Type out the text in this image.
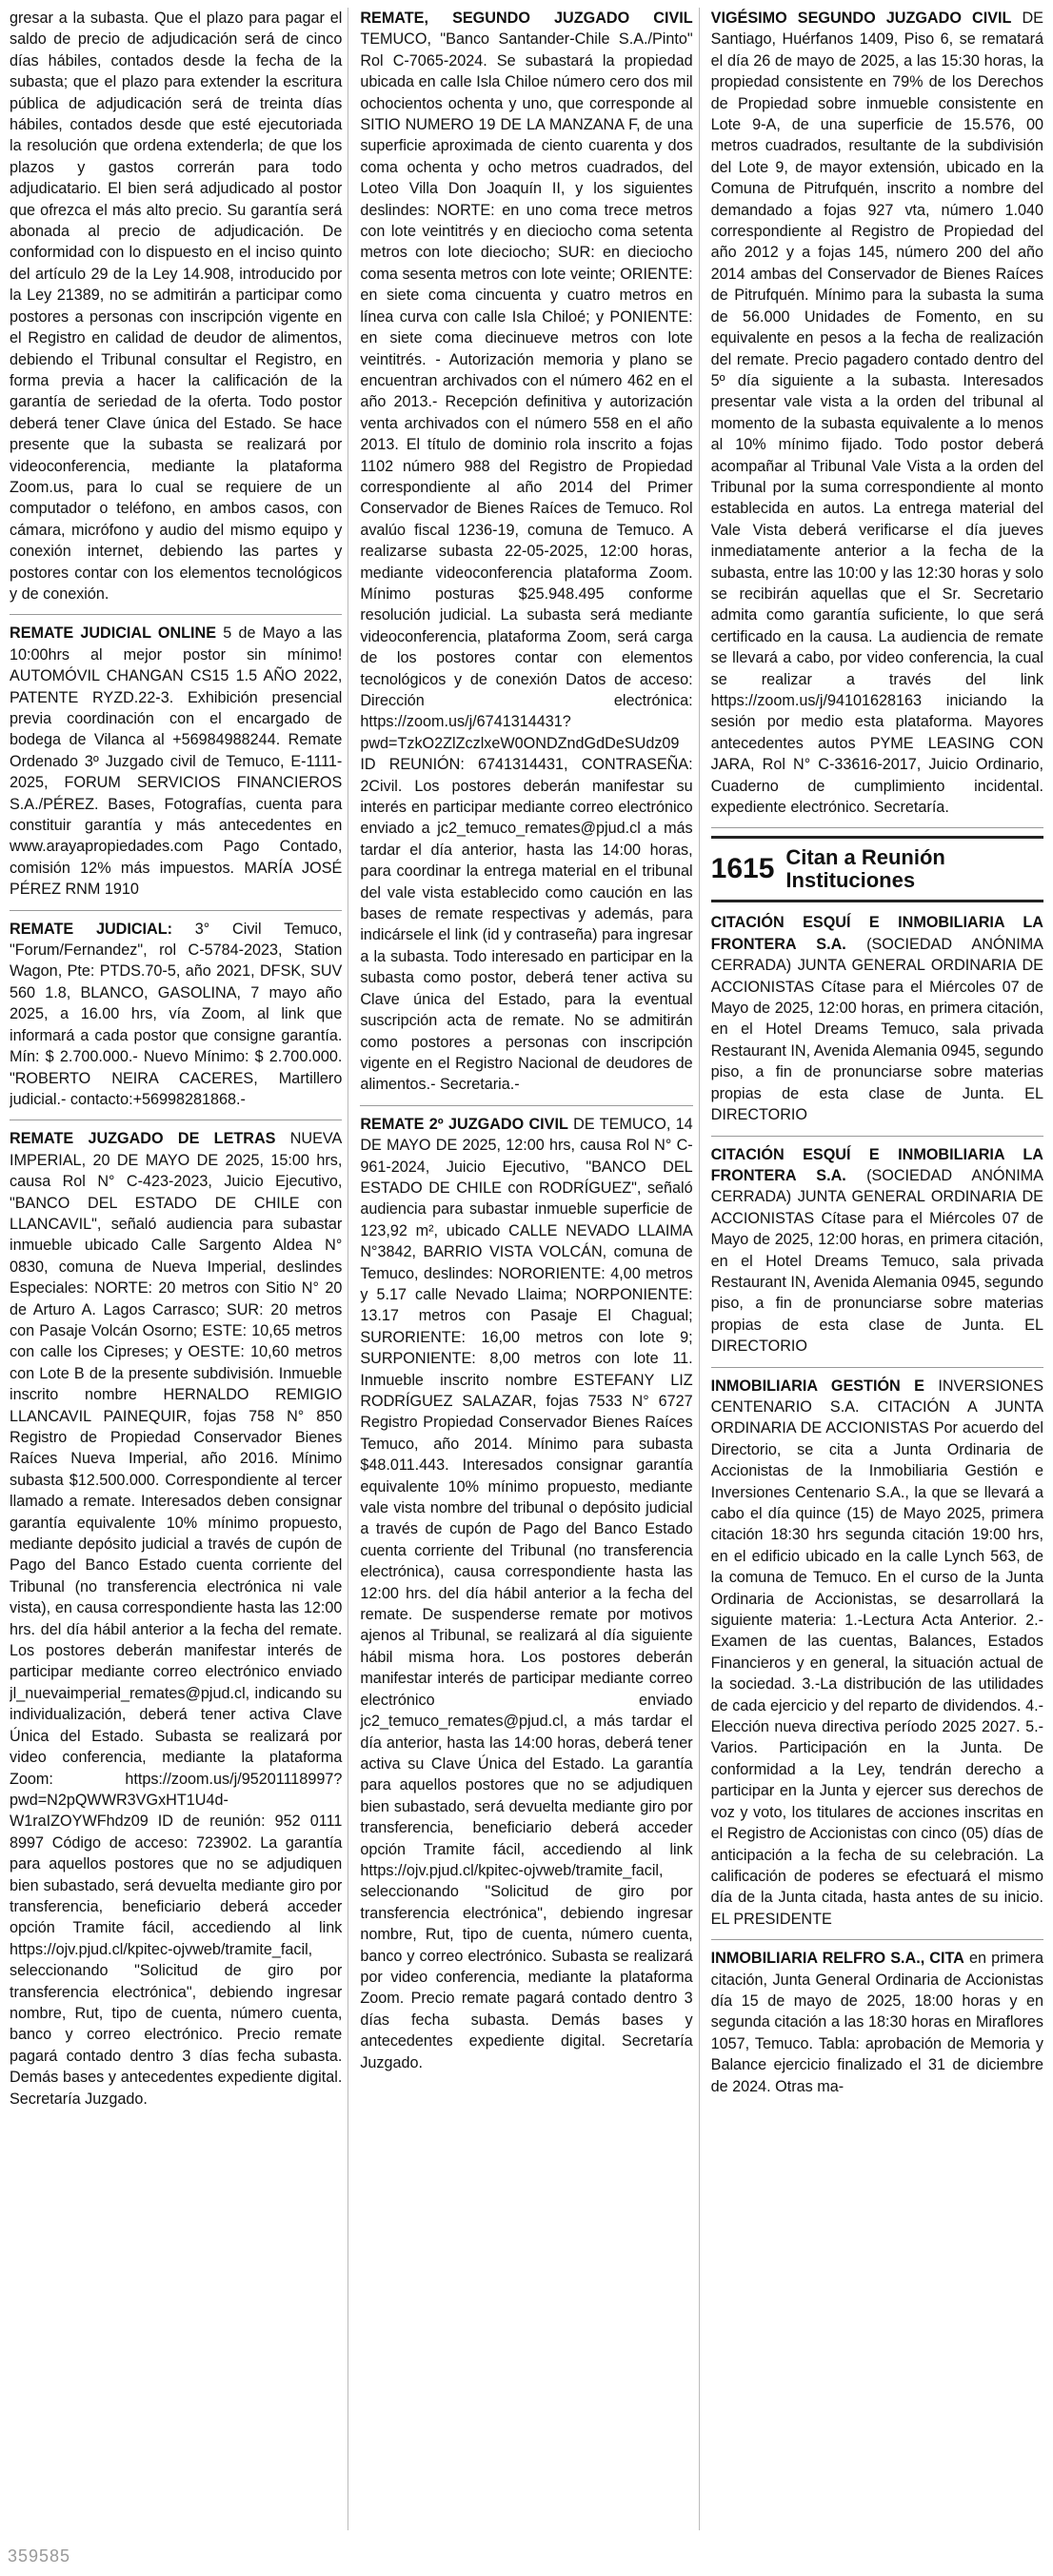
gresar a la subasta. Que el plazo para pagar el saldo de precio de adjudicación será de cinco días hábiles, contados desde la fecha de la subasta; que el plazo para extender la escritura pública de adjudicación será de treinta días hábiles, contados desde que esté ejecutoriada la resolución que ordena extenderla; de que los plazos y gastos correrán para todo adjudicatario. El bien será adjudicado al postor que ofrezca el más alto precio. Su garantía será abonada al precio de adjudicación. De conformidad con lo dispuesto en el inciso quinto del artículo 29 de la Ley 14.908, introducido por la Ley 21389, no se admitirán a participar como postores a personas con inscripción vigente en el Registro en calidad de deudor de alimentos, debiendo el Tribunal consultar el Registro, en forma previa a hacer la calificación de la garantía de seriedad de la oferta. Todo postor deberá tener Clave única del Estado. Se hace presente que la subasta se realizará por videoconferencia, mediante la plataforma Zoom.us, para lo cual se requiere de un computador o teléfono, en ambos casos, con cámara, micrófono y audio del mismo equipo y conexión internet, debiendo las partes y postores contar con los elementos tecnológicos y de conexión.

REMATE JUDICIAL ONLINE 5 de Mayo a las 10:00hrs al mejor postor sin mínimo! AUTOMÓVIL CHANGAN CS15 1.5 AÑO 2022, PATENTE RYZD.22-3. Exhibición presencial previa coordinación con el encargado de bodega de Vilanca al +56984988244. Remate Ordenado 3º Juzgado civil de Temuco, E-1111-2025, FORUM SERVICIOS FINANCIEROS S.A./PÉREZ. Bases, Fotografías, cuenta para constituir garantía y más antecedentes en www.arayapropiedades.com Pago Contado, comisión 12% más impuestos. MARÍA JOSÉ PÉREZ RNM 1910

REMATE JUDICIAL: 3° Civil Temuco, "Forum/Fernandez", rol C-5784-2023, Station Wagon, Pte: PTDS.70-5, año 2021, DFSK, SUV 560 1.8, BLANCO, GASOLINA, 7 mayo año 2025, a 16.00 hrs, vía Zoom, al link que informará a cada postor que consigne garantía. Mín: $ 2.700.000.- Nuevo Mínimo: $ 2.700.000. "ROBERTO NEIRA CACERES, Martillero judicial.- contacto:+56998281868.-

REMATE JUZGADO DE LETRAS NUEVA IMPERIAL, 20 DE MAYO DE 2025, 15:00 hrs, causa Rol N° C-423-2023, Juicio Ejecutivo, "BANCO DEL ESTADO DE CHILE con LLANCAVIL", señaló audiencia para subastar inmueble ubicado Calle Sargento Aldea N° 0830, comuna de Nueva Imperial, deslindes Especiales: NORTE: 20 metros con Sitio N° 20 de Arturo A. Lagos Carrasco; SUR: 20 metros con Pasaje Volcán Osorno; ESTE: 10,65 metros con calle los Cipreses; y OESTE: 10,60 metros con Lote B de la presente subdivisión. Inmueble inscrito nombre HERNALDO REMIGIO LLANCAVIL PAINEQUIR, fojas 758 N° 850 Registro de Propiedad Conservador Bienes Raíces Nueva Imperial, año 2016. Mínimo subasta $12.500.000. Correspondiente al tercer llamado a remate. Interesados deben consignar garantía equivalente 10% mínimo propuesto, mediante depósito judicial a través de cupón de Pago del Banco Estado cuenta corriente del Tribunal (no transferencia electrónica ni vale vista), en causa correspondiente hasta las 12:00 hrs. del día hábil anterior a la fecha del remate. Los postores deberán manifestar interés de participar mediante correo electrónico enviado jl_nuevaimperial_remates@pjud.cl, indicando su individualización, deberá tener activa Clave Única del Estado. Subasta se realizará por video conferencia, mediante la plataforma Zoom: https://zoom.us/j/95201118997?pwd=N2pQWWR3VGxHT1U4d-W1raIZOYWFhdz09 ID de reunión: 952 0111 8997 Código de acceso: 723902. La garantía para aquellos postores que no se adjudiquen bien subastado, será devuelta mediante giro por transferencia, beneficiario deberá acceder opción Tramite fácil, accediendo al link https://ojv.pjud.cl/kpitec-ojvweb/tramite_facil, seleccionando "Solicitud de giro por transferencia electrónica", debiendo ingresar nombre, Rut, tipo de cuenta, número cuenta, banco y correo electrónico. Precio remate pagará contado dentro 3 días fecha subasta. Demás bases y antecedentes expediente digital. Secretaría Juzgado.

REMATE, SEGUNDO JUZGADO CIVIL TEMUCO, "Banco Santander-Chile S.A./Pinto" Rol C-7065-2024. Se subastará la propiedad ubicada en calle Isla Chiloe número cero dos mil ochocientos ochenta y uno, que corresponde al SITIO NUMERO 19 DE LA MANZANA F, de una superficie aproximada de ciento cuarenta y dos coma ochenta y ocho metros cuadrados, del Loteo Villa Don Joaquín II, y los siguientes deslindes: NORTE: en uno coma trece metros con lote veintitrés y en dieciocho coma setenta metros con lote dieciocho; SUR: en dieciocho coma sesenta metros con lote veinte; ORIENTE: en siete coma cincuenta y cuatro metros en línea curva con calle Isla Chiloé; y PONIENTE: en siete coma diecinueve metros con lote veintitrés. - Autorización memoria y plano se encuentran archivados con el número 462 en el año 2013.- Recepción definitiva y autorización venta archivados con el número 558 en el año 2013. El título de dominio rola inscrito a fojas 1102 número 988 del Registro de Propiedad correspondiente al año 2014 del Primer Conservador de Bienes Raíces de Temuco. Rol avalúo fiscal 1236-19, comuna de Temuco. A realizarse subasta 22-05-2025, 12:00 horas, mediante videoconferencia plataforma Zoom. Mínimo posturas $25.948.495 conforme resolución judicial. La subasta será mediante videoconferencia, plataforma Zoom, será carga de los postores contar con elementos tecnológicos y de conexión Datos de acceso: Dirección electrónica: https://zoom.us/j/6741314431?pwd=TzkO2ZlZczlxeW0ONDZndGdDeSUdz09 ID REUNIÓN: 6741314431, CONTRASEÑA: 2Civil. Los postores deberán manifestar su interés en participar mediante correo electrónico enviado a jc2_temuco_remates@pjud.cl a más tardar el día anterior, hasta las 14:00 horas, para coordinar la entrega material en el tribunal del vale vista establecido como caución en las bases de remate respectivas y además, para indicársele el link (id y contraseña) para ingresar a la subasta. Todo interesado en participar en la subasta como postor, deberá tener activa su Clave única del Estado, para la eventual suscripción acta de remate. No se admitirán como postores a personas con inscripción vigente en el Registro Nacional de deudores de alimentos.- Secretaria.-

REMATE 2º JUZGADO CIVIL DE TEMUCO, 14 DE MAYO DE 2025, 12:00 hrs, causa Rol N° C-961-2024, Juicio Ejecutivo, "BANCO DEL ESTADO DE CHILE con RODRÍGUEZ", señaló audiencia para subastar inmueble superficie de 123,92 m², ubicado CALLE NEVADO LLAIMA N°3842, BARRIO VISTA VOLCÁN, comuna de Temuco, deslindes: NORORIENTE: 4,00 metros y 5.17 calle Nevado Llaima; NORPONIENTE: 13.17 metros con Pasaje El Chagual; SURORIENTE: 16,00 metros con lote 9; SURPONIENTE: 8,00 metros con lote 11. Inmueble inscrito nombre ESTEFANY LIZ RODRÍGUEZ SALAZAR, fojas 7533 N° 6727 Registro Propiedad Conservador Bienes Raíces Temuco, año 2014. Mínimo para subasta $48.011.443. Interesados consignar garantía equivalente 10% mínimo propuesto, mediante vale vista nombre del tribunal o depósito judicial a través de cupón de Pago del Banco Estado cuenta corriente del Tribunal (no transferencia electrónica), causa correspondiente hasta las 12:00 hrs. del día hábil anterior a la fecha del remate. De suspenderse remate por motivos ajenos al Tribunal, se realizará al día siguiente hábil misma hora. Los postores deberán manifestar interés de participar mediante correo electrónico enviado jc2_temuco_remates@pjud.cl, a más tardar el día anterior, hasta las 14:00 horas, deberá tener activa su Clave Única del Estado. La garantía para aquellos postores que no se adjudiquen bien subastado, será devuelta mediante giro por transferencia, beneficiario deberá acceder opción Tramite fácil, accediendo al link https://ojv.pjud.cl/kpitec-ojvweb/tramite_facil, seleccionando "Solicitud de giro por transferencia electrónica", debiendo ingresar nombre, Rut, tipo de cuenta, número cuenta, banco y correo electrónico. Subasta se realizará por video conferencia, mediante la plataforma Zoom. Precio remate pagará contado dentro 3 días fecha subasta. Demás bases y antecedentes expediente digital. Secretaría Juzgado.

VIGÉSIMO SEGUNDO JUZGADO CIVIL DE Santiago, Huérfanos 1409, Piso 6, se rematará el día 26 de mayo de 2025, a las 15:30 horas, la propiedad consistente en 79% de los Derechos de Propiedad sobre inmueble consistente en Lote 9-A, de una superficie de 15.576, 00 metros cuadrados, resultante de la subdivisión del Lote 9, de mayor extensión, ubicado en la Comuna de Pitrufquén, inscrito a nombre del demandado a fojas 927 vta, número 1.040 correspondiente al Registro de Propiedad del año 2012 y a fojas 145, número 200 del año 2014 ambas del Conservador de Bienes Raíces de Pitrufquén. Mínimo para la subasta la suma de 56.000 Unidades de Fomento, en su equivalente en pesos a la fecha de realización del remate. Precio pagadero contado dentro del 5º día siguiente a la subasta. Interesados presentar vale vista a la orden del tribunal al momento de la subasta equivalente a lo menos al 10% mínimo fijado. Todo postor deberá acompañar al Tribunal Vale Vista a la orden del Tribunal por la suma correspondiente al monto establecida en autos. La entrega material del Vale Vista deberá verificarse el día jueves inmediatamente anterior a la fecha de la subasta, entre las 10:00 y las 12:30 horas y solo se recibirán aquellas que el Sr. Secretario admita como garantía suficiente, lo que será certificado en la causa. La audiencia de remate se llevará a cabo, por video conferencia, la cual se realizar a través del link https://zoom.us/j/94101628163 iniciando la sesión por medio esta plataforma. Mayores antecedentes autos PYME LEASING CON JARA, Rol N° C-33616-2017, Juicio Ordinario, Cuaderno de cumplimiento incidental. expediente electrónico. Secretaría.

1615 Citan a Reunión Instituciones

CITACIÓN ESQUÍ E INMOBILIARIA LA FRONTERA S.A. (SOCIEDAD ANÓNIMA CERRADA) JUNTA GENERAL ORDINARIA DE ACCIONISTAS Cítase para el Miércoles 07 de Mayo de 2025, 12:00 horas, en primera citación, en el Hotel Dreams Temuco, sala privada Restaurant IN, Avenida Alemania 0945, segundo piso, a fin de pronunciarse sobre materias propias de esta clase de Junta. EL DIRECTORIO

CITACIÓN ESQUÍ E INMOBILIARIA LA FRONTERA S.A. (SOCIEDAD ANÓNIMA CERRADA) JUNTA GENERAL ORDINARIA DE ACCIONISTAS Cítase para el Miércoles 07 de Mayo de 2025, 12:00 horas, en primera citación, en el Hotel Dreams Temuco, sala privada Restaurant IN, Avenida Alemania 0945, segundo piso, a fin de pronunciarse sobre materias propias de esta clase de Junta. EL DIRECTORIO

INMOBILIARIA GESTIÓN E INVERSIONES CENTENARIO S.A. CITACIÓN A JUNTA ORDINARIA DE ACCIONISTAS Por acuerdo del Directorio, se cita a Junta Ordinaria de Accionistas de la Inmobiliaria Gestión e Inversiones Centenario S.A., la que se llevará a cabo el día quince (15) de Mayo 2025, primera citación 18:30 hrs segunda citación 19:00 hrs, en el edificio ubicado en la calle Lynch 563, de la comuna de Temuco. En el curso de la Junta Ordinaria de Accionistas, se desarrollará la siguiente materia: 1.-Lectura Acta Anterior. 2.-Examen de las cuentas, Balances, Estados Financieros y en general, la situación actual de la sociedad. 3.-La distribución de las utilidades de cada ejercicio y del reparto de dividendos. 4.-Elección nueva directiva período 2025 2027. 5.-Varios. Participación en la Junta. De conformidad a la Ley, tendrán derecho a participar en la Junta y ejercer sus derechos de voz y voto, los titulares de acciones inscritas en el Registro de Accionistas con cinco (05) días de anticipación a la fecha de su celebración. La calificación de poderes se efectuará el mismo día de la Junta citada, hasta antes de su inicio. EL PRESIDENTE

INMOBILIARIA RELFRO S.A., CITA en primera citación, Junta General Ordinaria de Accionistas día 15 de mayo de 2025, 18:00 horas y en segunda citación a las 18:30 horas en Miraflores 1057, Temuco. Tabla: aprobación de Memoria y Balance ejercicio finalizado el 31 de diciembre de 2024. Otras ma-

359585
